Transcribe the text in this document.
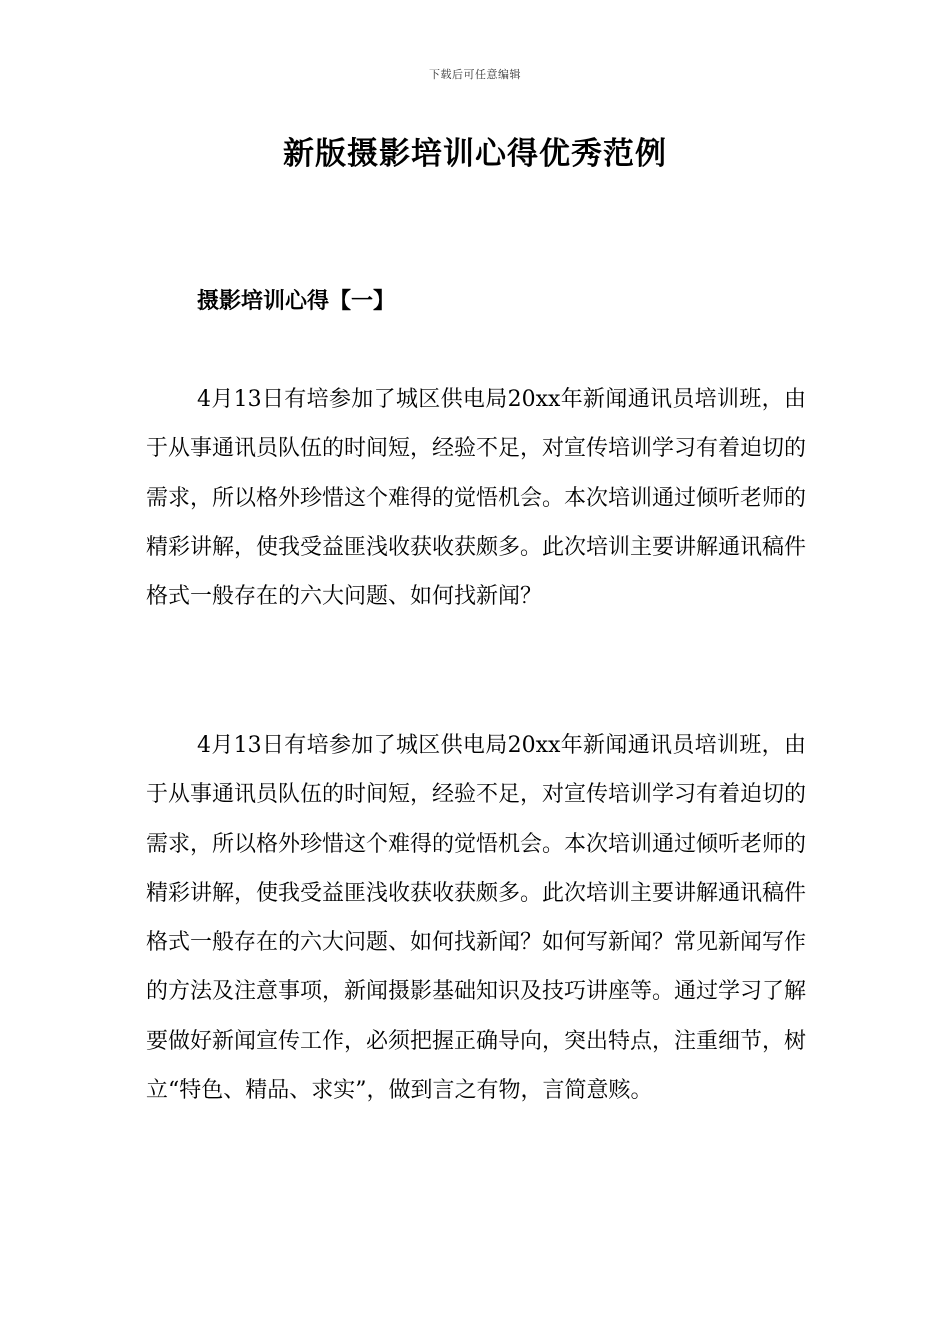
下载后可任意编辑
新版摄影培训心得优秀范例
摄影培训心得【一】

4月13日有培参加了城区供电局20xx年新闻通讯员培训班，由于从事通讯员队伍的时间短，经验不足，对宣传培训学习有着迫切的需求，所以格外珍惜这个难得的觉悟机会。本次培训通过倾听老师的精彩讲解，使我受益匪浅收获收获颇多。此次培训主要讲解通讯稿件格式一般存在的六大问题、如何找新闻？

4月13日有培参加了城区供电局20xx年新闻通讯员培训班，由于从事通讯员队伍的时间短，经验不足，对宣传培训学习有着迫切的需求，所以格外珍惜这个难得的觉悟机会。本次培训通过倾听老师的精彩讲解，使我受益匪浅收获收获颇多。此次培训主要讲解通讯稿件格式一般存在的六大问题、如何找新闻？如何写新闻？常见新闻写作的方法及注意事项，新闻摄影基础知识及技巧讲座等。通过学习了解要做好新闻宣传工作，必须把握正确导向，突出特点，注重细节，树立“特色、精品、求实”，做到言之有物，言简意赅。
